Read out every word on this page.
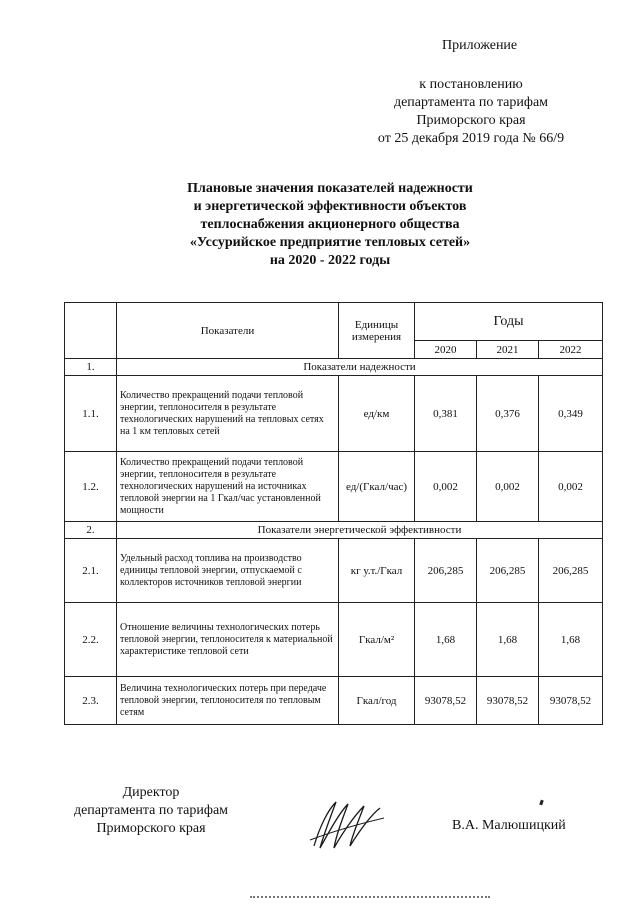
Приложение
к постановлению
департамента по тарифам
Приморского края
от 25 декабря 2019 года № 66/9
Плановые значения показателей надежности
и энергетической эффективности объектов
теплоснабжения акционерного общества
«Уссурийское предприятие тепловых сетей»
на 2020 - 2022 годы
	Показатели	Единицы измерения	Годы		
			2020	2021	2022
1.	Показатели надежности				
1.1.	Количество прекращений подачи тепловой энергии, теплоносителя в результате технологических нарушений на тепловых сетях на 1 км тепловых сетей	ед/км	0,381	0,376	0,349
1.2.	Количество прекращений подачи тепловой энергии, теплоносителя в результате технологических нарушений на источниках тепловой энергии на 1 Гкал/час установленной мощности	ед/(Гкал/час)	0,002	0,002	0,002
2.	Показатели энергетической эффективности				
2.1.	Удельный расход топлива на производство единицы тепловой энергии, отпускаемой с коллекторов источников тепловой энергии	кг у.т./Гкал	206,285	206,285	206,285
2.2.	Отношение величины технологических потерь тепловой энергии, теплоносителя к материальной характеристике тепловой сети	Гкал/м²	1,68	1,68	1,68
2.3.	Величина технологических потерь при передаче тепловой энергии, теплоносителя по тепловым сетям	Гкал/год	93078,52	93078,52	93078,52
Директор
департамента по тарифам
Приморского края	В.А. Малюшицкий
